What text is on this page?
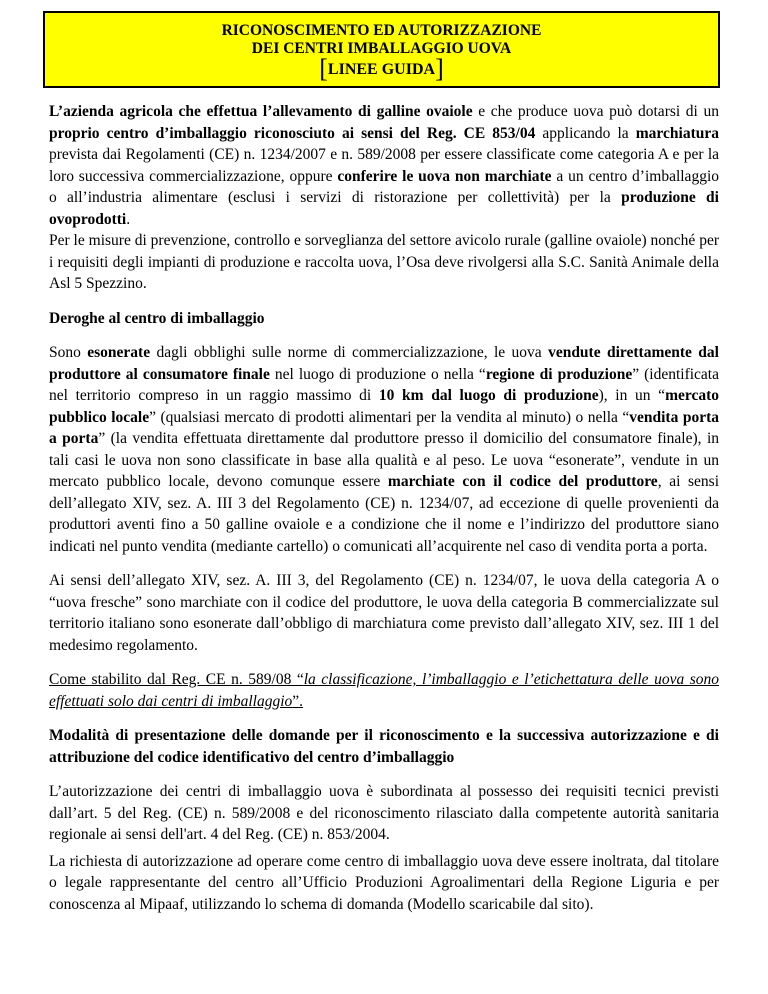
RICONOSCIMENTO ED AUTORIZZAZIONE
DEI CENTRI IMBALLAGGIO UOVA
[LINEE GUIDA]

L’azienda agricola che effettua l’allevamento di galline ovaiole e che produce uova può dotarsi di un proprio centro d’imballaggio riconosciuto ai sensi del Reg. CE 853/04 applicando la marchiatura prevista dai Regolamenti (CE) n. 1234/2007 e n. 589/2008 per essere classificate come categoria A e per la loro successiva commercializzazione, oppure conferire le uova non marchiate a un centro d’imballaggio o all’industria alimentare (esclusi i servizi di ristorazione per collettività) per la produzione di ovoprodotti.

Per le misure di prevenzione, controllo e sorveglianza del settore avicolo rurale (galline ovaiole) nonché per i requisiti degli impianti di produzione e raccolta uova, l’Osa deve rivolgersi alla S.C. Sanità Animale della Asl 5 Spezzino.

Deroghe al centro di imballaggio

Sono esonerate dagli obblighi sulle norme di commercializzazione, le uova vendute direttamente dal produttore al consumatore finale nel luogo di produzione o nella “regione di produzione” (identificata nel territorio compreso in un raggio massimo di 10 km dal luogo di produzione), in un “mercato pubblico locale” (qualsiasi mercato di prodotti alimentari per la vendita al minuto) o nella “vendita porta a porta” (la vendita effettuata direttamente dal produttore presso il domicilio del consumatore finale), in tali casi le uova non sono classificate in base alla qualità e al peso. Le uova “esonerate”, vendute in un mercato pubblico locale, devono comunque essere marchiate con il codice del produttore, ai sensi dell’allegato XIV, sez. A. III 3 del Regolamento (CE) n. 1234/07, ad eccezione di quelle provenienti da produttori aventi fino a 50 galline ovaiole e a condizione che il nome e l’indirizzo del produttore siano indicati nel punto vendita (mediante cartello) o comunicati all’acquirente nel caso di vendita porta a porta.

Ai sensi dell’allegato XIV, sez. A. III 3, del Regolamento (CE) n. 1234/07, le uova della categoria A o “uova fresche” sono marchiate con il codice del produttore, le uova della categoria B commercializzate sul territorio italiano sono esonerate dall’obbligo di marchiatura come previsto dall’allegato XIV, sez. III 1 del medesimo regolamento.

Come stabilito dal Reg. CE n. 589/08 “la classificazione, l’imballaggio e l’etichettatura delle uova sono effettuati solo dai centri di imballaggio”.

Modalità di presentazione delle domande per il riconoscimento e la successiva autorizzazione e di attribuzione del codice identificativo del centro d’imballaggio

L’autorizzazione dei centri di imballaggio uova è subordinata al possesso dei requisiti tecnici previsti dall’art. 5 del Reg. (CE) n. 589/2008 e del riconoscimento rilasciato dalla competente autorità sanitaria regionale ai sensi dell'art. 4 del Reg. (CE) n. 853/2004.

La richiesta di autorizzazione ad operare come centro di imballaggio uova deve essere inoltrata, dal titolare o legale rappresentante del centro all’Ufficio Produzioni Agroalimentari della Regione Liguria e per conoscenza al Mipaaf, utilizzando lo schema di domanda (Modello scaricabile dal sito).
